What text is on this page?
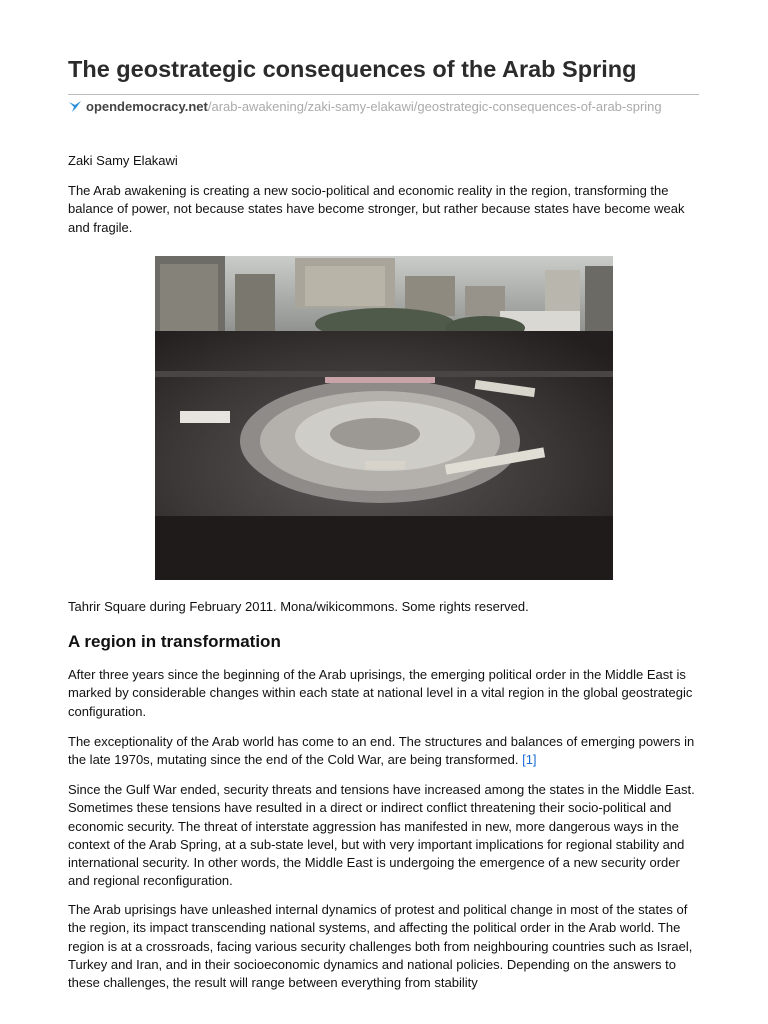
The geostrategic consequences of the Arab Spring
opendemocracy.net/arab-awakening/zaki-samy-elakawi/geostrategic-consequences-of-arab-spring
Zaki Samy Elakawi

The Arab awakening is creating a new socio-political and economic reality in the region, transforming the balance of power, not because states have become stronger, but rather because states have become weak and fragile.

Tahrir Square during February 2011. Mona/wikicommons. Some rights reserved.
A region in transformation

After three years since the beginning of the Arab uprisings, the emerging political order in the Middle East is marked by considerable changes within each state at national level in a vital region in the global geostrategic configuration.

The exceptionality of the Arab world has come to an end. The structures and balances of emerging powers in the late 1970s, mutating since the end of the Cold War, are being transformed. [1]

Since the Gulf War ended, security threats and tensions have increased among the states in the Middle East. Sometimes these tensions have resulted in a direct or indirect conflict threatening their socio-political and economic security. The threat of interstate aggression has manifested in new, more dangerous ways in the context of the Arab Spring, at a sub-state level, but with very important implications for regional stability and international security. In other words, the Middle East is undergoing the emergence of a new security order and regional reconfiguration.

The Arab uprisings have unleashed internal dynamics of protest and political change in most of the states of the region, its impact transcending national systems, and affecting the political order in the Arab world. The region is at a crossroads, facing various security challenges both from neighbouring countries such as Israel, Turkey and Iran, and in their socioeconomic dynamics and national policies. Depending on the answers to these challenges, the result will range between everything from stability
